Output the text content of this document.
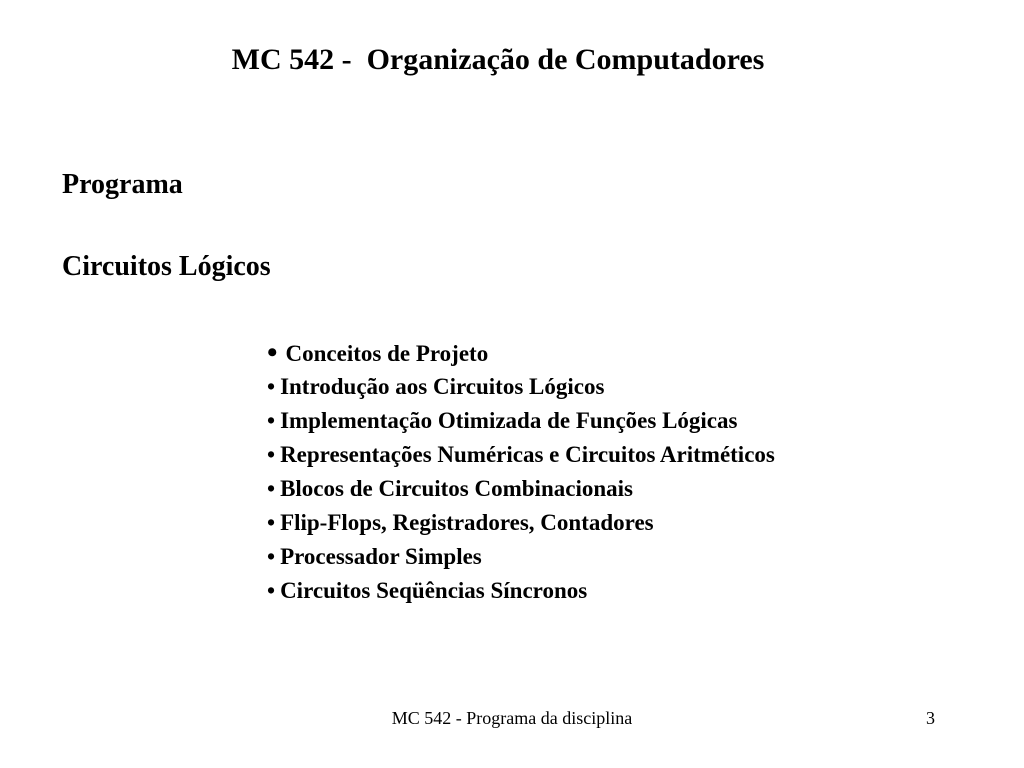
MC 542 -  Organização de Computadores
Programa
Circuitos Lógicos
• Conceitos de Projeto
• Introdução aos Circuitos Lógicos
• Implementação Otimizada de Funções Lógicas
• Representações Numéricas e Circuitos Aritméticos
• Blocos de Circuitos Combinacionais
• Flip-Flops, Registradores, Contadores
• Processador Simples
• Circuitos Seqüências Síncronos
MC 542 - Programa da disciplina	3
